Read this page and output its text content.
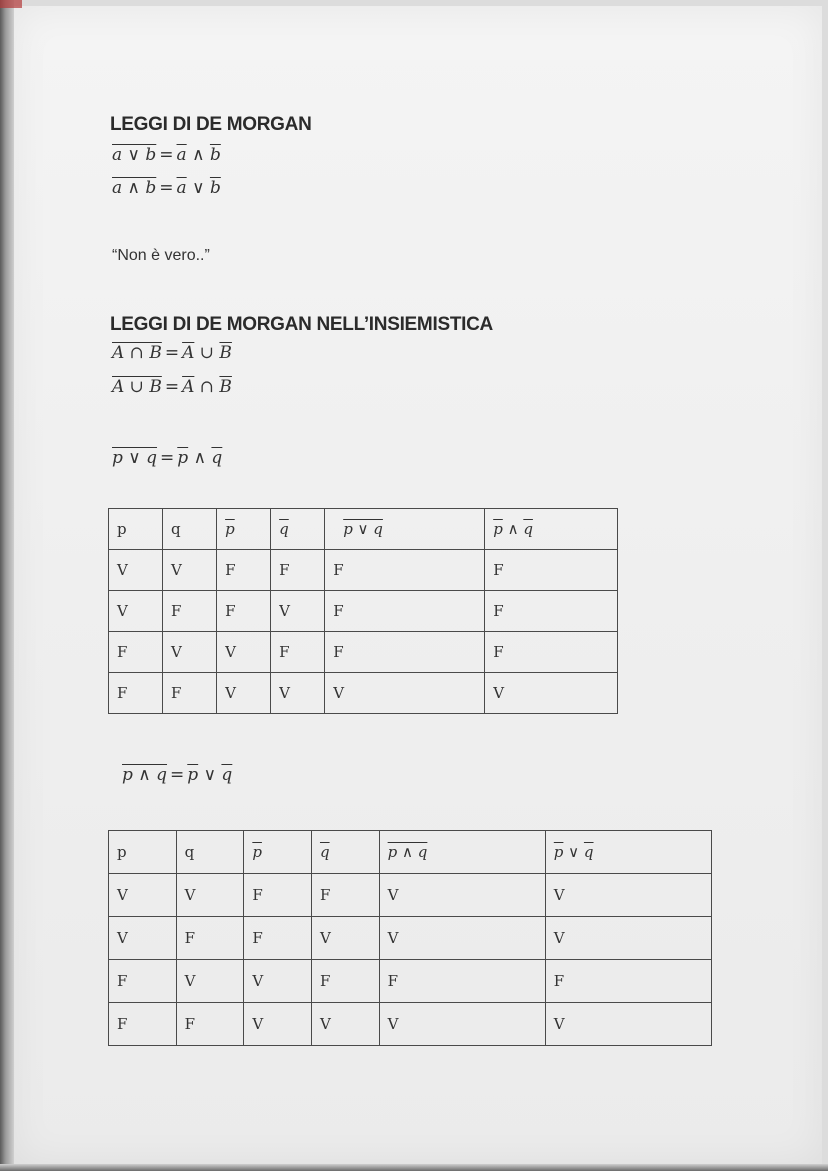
LEGGI DI DE MORGAN
a ∨ $b = \overline{a}$ ∧ $\overline{b}$
a ∧ $b = \overline{a}$ ∨ $\overline{b}$
“Non è vero..”
LEGGI DI DE MORGAN NELL’INSIEMISTICA
A ∩ $B = \overline{A}$ ∪ $\overline{B}$
A ∪ $B = \overline{A}$ ∩ $\overline{B}$
p ∨ $q = \overline{p}$ ∧ $\overline{q}$
p	q	$\overline{p}$	$\overline{q}$	p ∨ q	$\overline{p}$ ∧ $\overline{q}$
V	V	F	F	F	F
V	F	F	V	F	F
F	V	V	F	F	F
F	F	V	V	V	V
p ∧ $q = \overline{p}$ ∨ $\overline{q}$
p	q	$\overline{p}$	$\overline{q}$	p ∧ q	$\overline{p}$ ∨ $\overline{q}$
V	V	F	F	V	V
V	F	F	V	V	V
F	V	V	F	F	F
F	F	V	V	V	V
